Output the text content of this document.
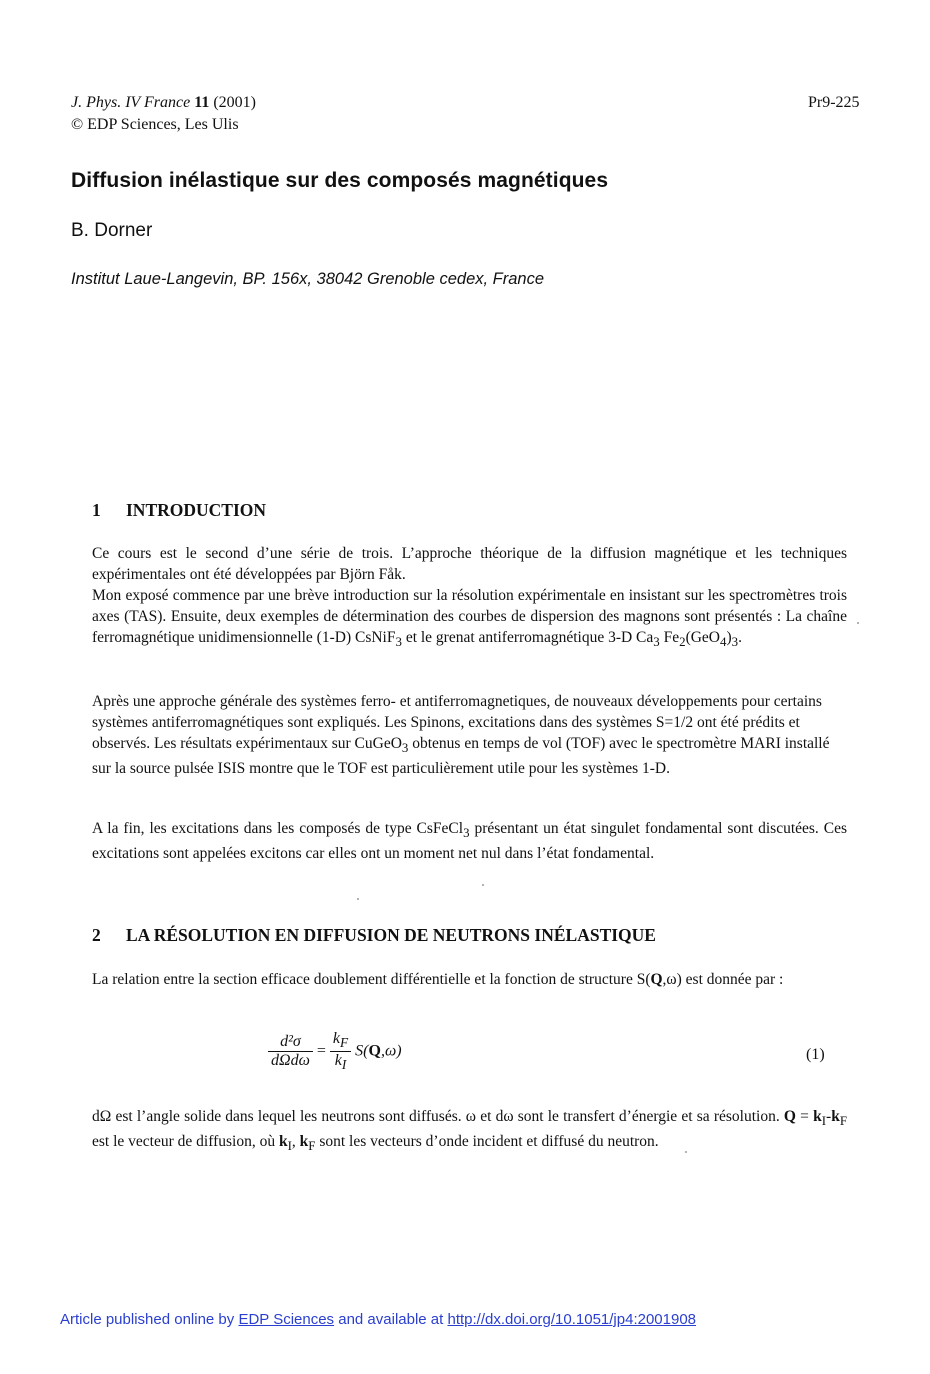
J. Phys. IV France 11 (2001)
© EDP Sciences, Les Ulis
Pr9-225
Diffusion inélastique sur des composés magnétiques
B. Dorner
Institut Laue-Langevin, BP. 156x, 38042 Grenoble cedex, France
1 INTRODUCTION

Ce cours est le second d’une série de trois. L’approche théorique de la diffusion magnétique et les techniques expérimentales ont été développées par Björn Fåk.

Mon exposé commence par une brève introduction sur la résolution expérimentale en insistant sur les spectromètres trois axes (TAS). Ensuite, deux exemples de détermination des courbes de dispersion des magnons sont présentés : La chaîne ferromagnétique unidimensionnelle (1-D) CsNiF$_3$ et le grenat antiferromagnétique 3-D $Ca_3$ $Fe_2(GeO_4)_3$.

Après une approche générale des systèmes ferro- et antiferromagnetiques, de nouveaux développements pour certains systèmes antiferromagnétiques sont expliqués. Les Spinons, excitations dans des systèmes S=1/2 ont été prédits et observés. Les résultats expérimentaux sur CuGeO$_3$ obtenus en temps de vol (TOF) avec le spectromètre MARI installé sur la source pulsée ISIS montre que le TOF est particulièrement utile pour les systèmes 1-D.

A la fin, les excitations dans les composés de type CsFeCl$_3$ présentant un état singulet fondamental sont discutées. Ces excitations sont appelées excitons car elles ont un moment net nul dans l’état fondamental.

2 LA RÉSOLUTION EN DIFFUSION DE NEUTRONS INÉLASTIQUE

La relation entre la section efficace doublement différentielle et la fonction de structure S(Q,ω) est donnée par :

$\frac{\text{d²σ}}{\text{dΩdω}} = \frac{k_F}{k_I} S(Q,\omega)$	(1)

dΩ est l’angle solide dans lequel les neutrons sont diffusés. ω et dω sont le transfert d’énergie et sa résolution. $Q = k_I-k_F$ est le vecteur de diffusion, où $k_I$, $k_F$ sont les vecteurs d’onde incident et diffusé du neutron.

Article published online by EDP Sciences and available at http://dx.doi.org/10.1051/jp4:2001908
